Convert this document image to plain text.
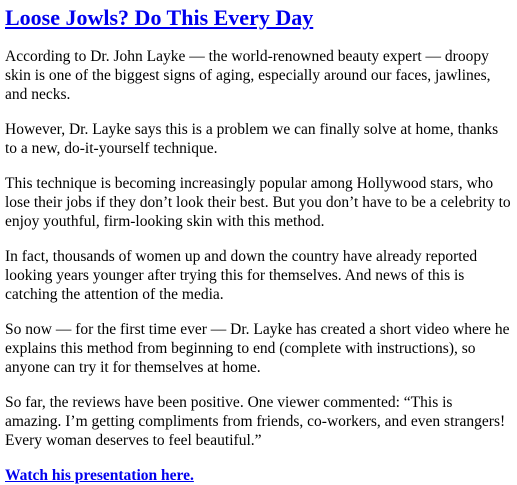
Loose Jowls? Do This Every Day

According to Dr. John Layke — the world-renowned beauty expert — droopy skin is one of the biggest signs of aging, especially around our faces, jawlines, and necks.

However, Dr. Layke says this is a problem we can finally solve at home, thanks to a new, do-it-yourself technique.

This technique is becoming increasingly popular among Hollywood stars, who lose their jobs if they don’t look their best. But you don’t have to be a celebrity to enjoy youthful, firm-looking skin with this method.

In fact, thousands of women up and down the country have already reported looking years younger after trying this for themselves. And news of this is catching the attention of the media.

So now — for the first time ever — Dr. Layke has created a short video where he explains this method from beginning to end (complete with instructions), so anyone can try it for themselves at home.

So far, the reviews have been positive. One viewer commented: “This is amazing. I’m getting compliments from friends, co-workers, and even strangers! Every woman deserves to feel beautiful.”

Watch his presentation here.
